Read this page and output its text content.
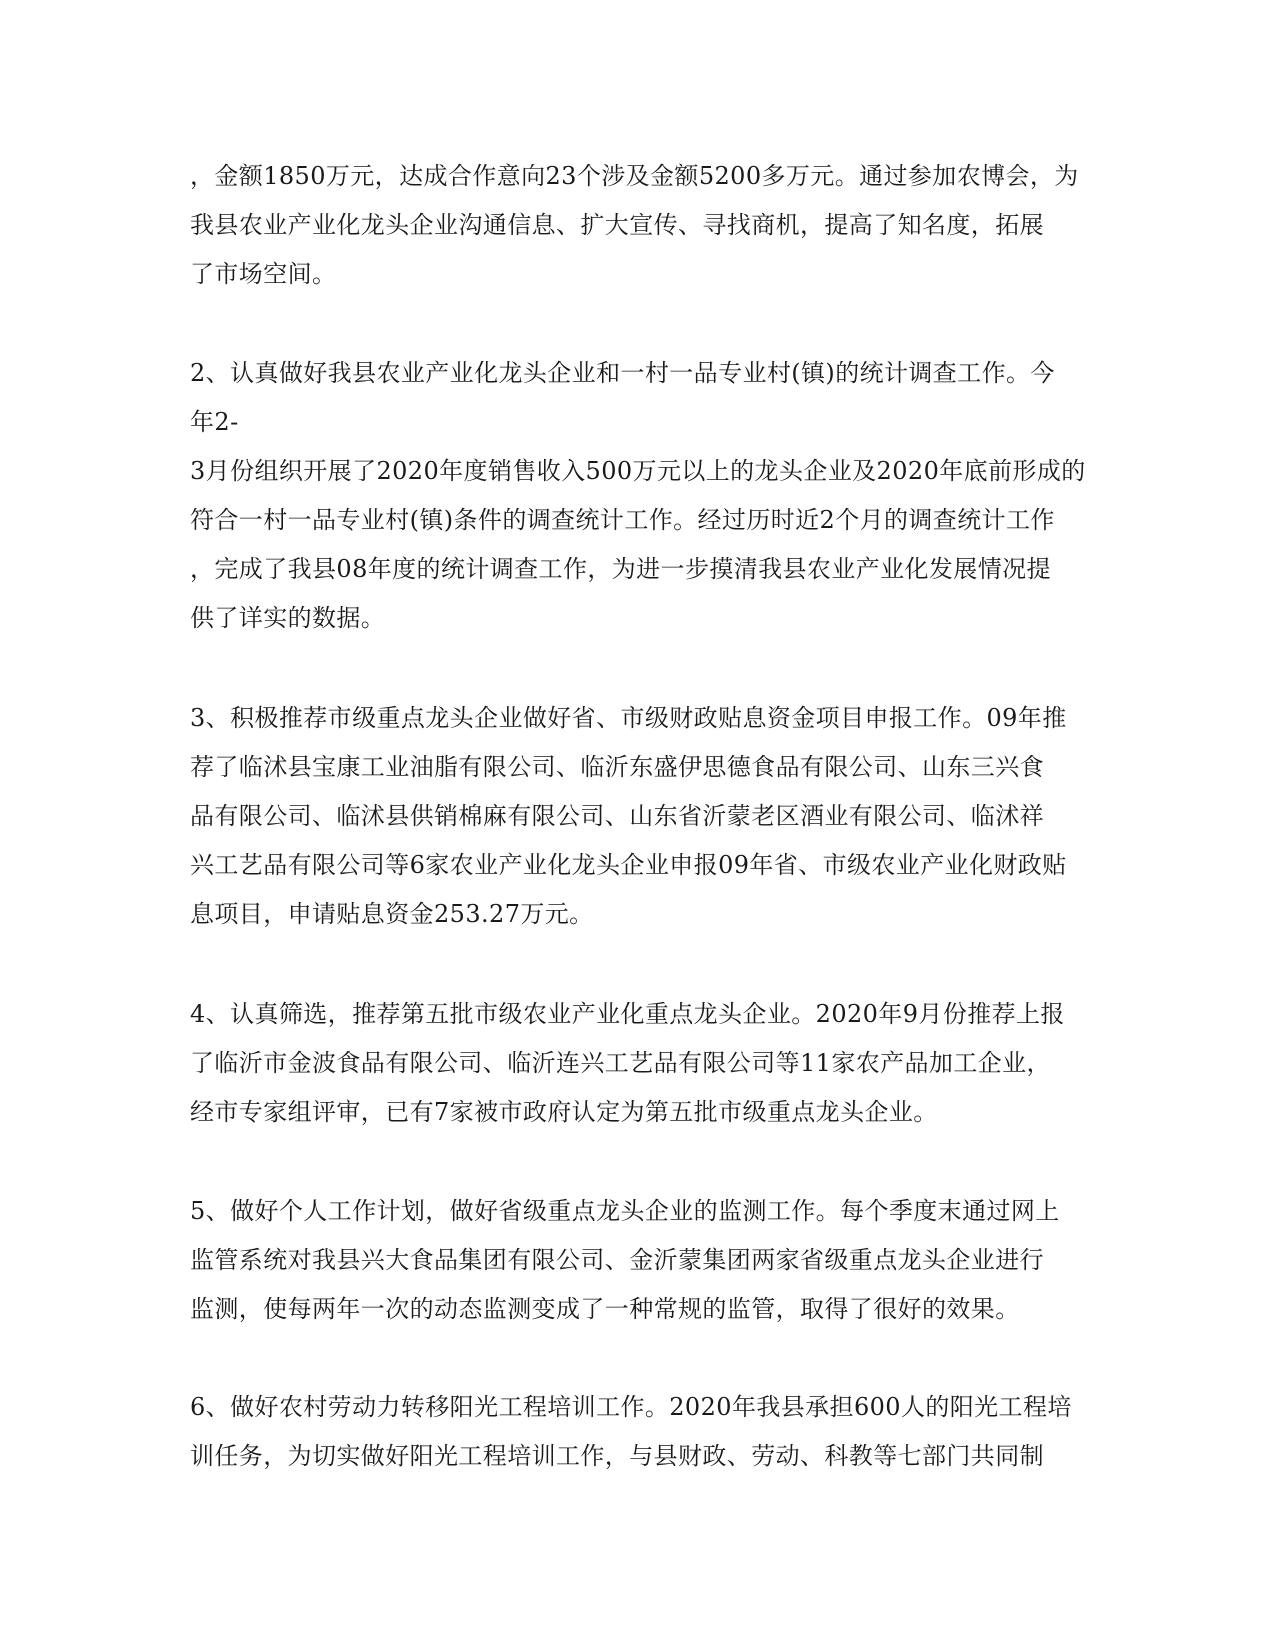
，金额1850万元，达成合作意向23个涉及金额5200多万元。通过参加农博会，为
我县农业产业化龙头企业沟通信息、扩大宣传、寻找商机，提高了知名度，拓展
了市场空间。
2、认真做好我县农业产业化龙头企业和一村一品专业村(镇)的统计调查工作。今
年2-
3月份组织开展了2020年度销售收入500万元以上的龙头企业及2020年底前形成的
符合一村一品专业村(镇)条件的调查统计工作。经过历时近2个月的调查统计工作
，完成了我县08年度的统计调查工作，为进一步摸清我县农业产业化发展情况提
供了详实的数据。
3、积极推荐市级重点龙头企业做好省、市级财政贴息资金项目申报工作。09年推
荐了临沭县宝康工业油脂有限公司、临沂东盛伊思德食品有限公司、山东三兴食
品有限公司、临沭县供销棉麻有限公司、山东省沂蒙老区酒业有限公司、临沭祥
兴工艺品有限公司等6家农业产业化龙头企业申报09年省、市级农业产业化财政贴
息项目，申请贴息资金253.27万元。
4、认真筛选，推荐第五批市级农业产业化重点龙头企业。2020年9月份推荐上报
了临沂市金波食品有限公司、临沂连兴工艺品有限公司等11家农产品加工企业，
经市专家组评审，已有7家被市政府认定为第五批市级重点龙头企业。
5、做好个人工作计划，做好省级重点龙头企业的监测工作。每个季度末通过网上
监管系统对我县兴大食品集团有限公司、金沂蒙集团两家省级重点龙头企业进行
监测，使每两年一次的动态监测变成了一种常规的监管，取得了很好的效果。
6、做好农村劳动力转移阳光工程培训工作。2020年我县承担600人的阳光工程培
训任务，为切实做好阳光工程培训工作，与县财政、劳动、科教等七部门共同制
